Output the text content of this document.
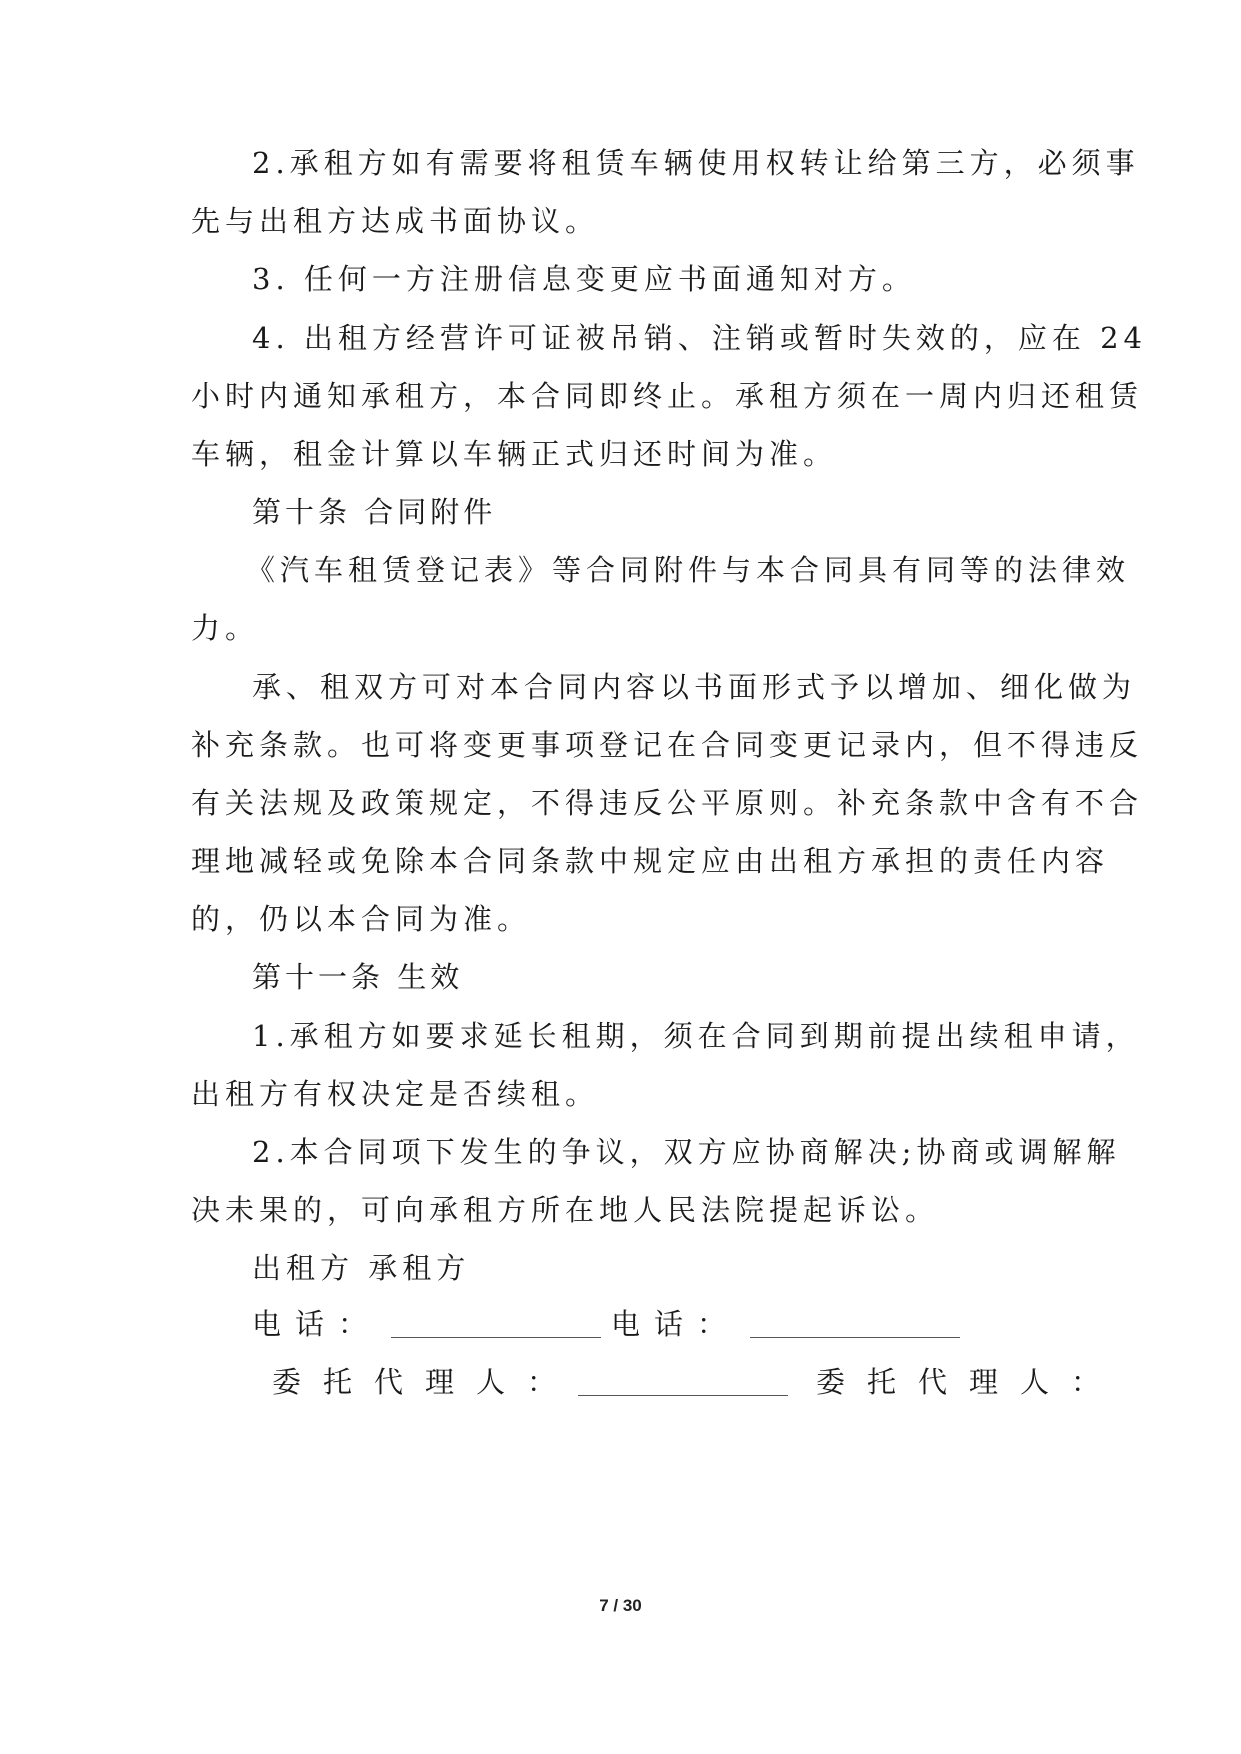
2.承租方如有需要将租赁车辆使用权转让给第三方，必须事
先与出租方达成书面协议。
3. 任何一方注册信息变更应书面通知对方。
4. 出租方经营许可证被吊销、注销或暂时失效的，应在 24
小时内通知承租方，本合同即终止。承租方须在一周内归还租赁
车辆，租金计算以车辆正式归还时间为准。
第十条 合同附件
《汽车租赁登记表》等合同附件与本合同具有同等的法律效
力。
承、租双方可对本合同内容以书面形式予以增加、细化做为
补充条款。也可将变更事项登记在合同变更记录内，但不得违反
有关法规及政策规定，不得违反公平原则。补充条款中含有不合
理地减轻或免除本合同条款中规定应由出租方承担的责任内容
的，仍以本合同为准。
第十一条 生效
1.承租方如要求延长租期，须在合同到期前提出续租申请，
出租方有权决定是否续租。
2.本合同项下发生的争议，双方应协商解决;协商或调解解
决未果的，可向承租方所在地人民法院提起诉讼。
出租方 承租方
电话：	电话：
委托代理人：	委托代理人：
7 / 30
